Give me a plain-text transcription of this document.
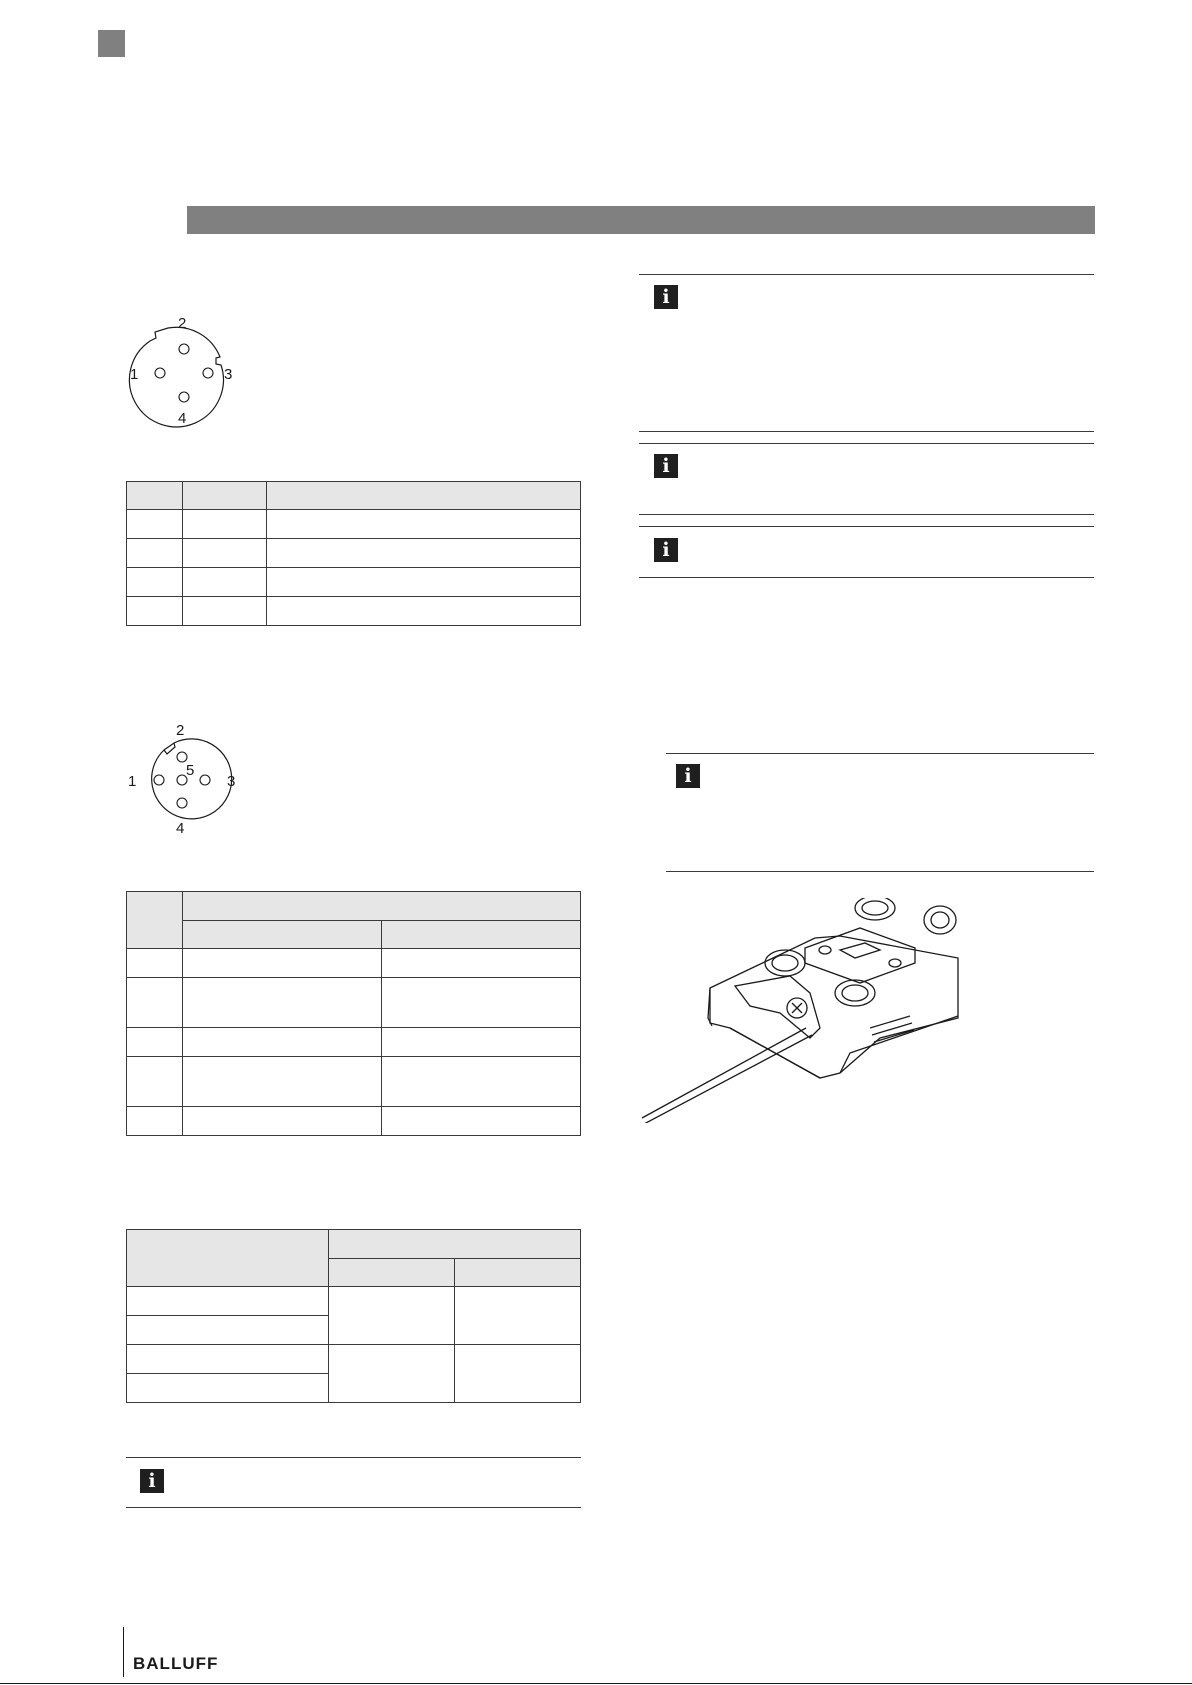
2
1	3
4

2
1
5
3
4

i
i
i
i
i
BALLUFF
